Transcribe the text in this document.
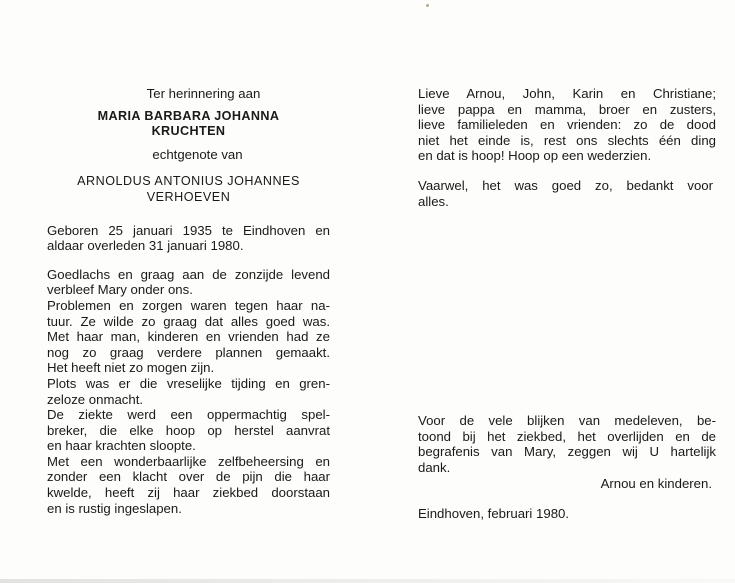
Ter herinnering aan
MARIA BARBARA JOHANNA
KRUCHTEN
echtgenote van
ARNOLDUS ANTONIUS JOHANNES
VERHOEVEN
Geboren 25 januari 1935 te Eindhoven en
aldaar overleden 31 januari 1980.
Goedlachs en graag aan de zonzijde levend
verbleef Mary onder ons.
Problemen en zorgen waren tegen haar na-
tuur. Ze wilde zo graag dat alles goed was.
Met haar man, kinderen en vrienden had ze
nog zo graag verdere plannen gemaakt.
Het heeft niet zo mogen zijn.
Plots was er die vreselijke tijding en gren-
zeloze onmacht.
De ziekte werd een oppermachtig spel-
breker, die elke hoop op herstel aanvrat
en haar krachten sloopte.
Met een wonderbaarlijke zelfbeheersing en
zonder een klacht over de pijn die haar
kwelde, heeft zij haar ziekbed doorstaan
en is rustig ingeslapen.
Lieve Arnou, John, Karin en Christiane;
lieve pappa en mamma, broer en zusters,
lieve familieleden en vrienden: zo de dood
niet het einde is, rest ons slechts één ding
en dat is hoop! Hoop op een wederzien.
Vaarwel, het was goed zo, bedankt voor
alles.
Voor de vele blijken van medeleven, be-
toond bij het ziekbed, het overlijden en de
begrafenis van Mary, zeggen wij U hartelijk
dank.
Arnou en kinderen.
Eindhoven, februari 1980.
